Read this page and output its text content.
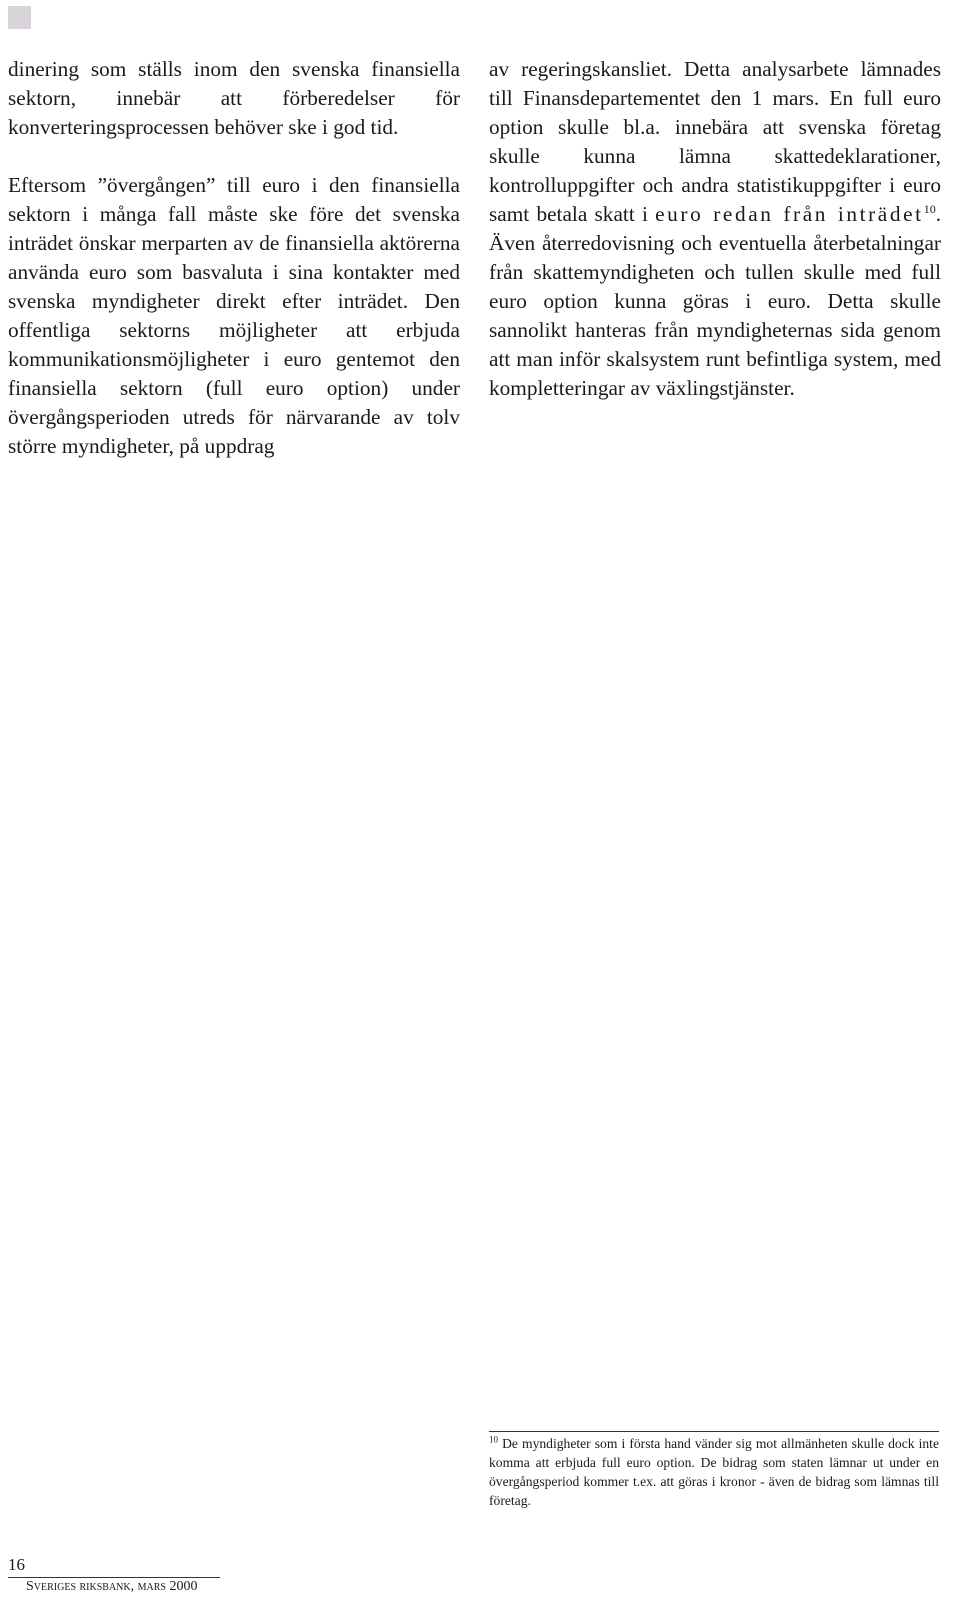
dinering som ställs inom den svenska finansiella sektorn, innebär att förberedelser för konverteringsprocessen behöver ske i god tid.

Eftersom ”övergången” till euro i den finansiella sektorn i många fall måste ske före det svenska inträdet önskar merparten av de finansiella aktörerna använda euro som basvaluta i sina kontakter med svenska myndigheter direkt efter inträdet. Den offentliga sektorns möjligheter att erbjuda kommunikationsmöjligheter i euro gentemot den finansiella sektorn (full euro option) under övergångsperioden utreds för närvarande av tolv större myndigheter, på uppdrag

av regeringskansliet. Detta analysarbete lämnades till Finansdepartementet den 1 mars. En full euro option skulle bl.a. innebära att svenska företag skulle kunna lämna skattedeklarationer, kontrolluppgifter och andra statistikuppgifter i euro samt betala skatt i euro redan från inträdet$^{10}$. Även återredovisning och eventuella återbetalningar från skattemyndigheten och tullen skulle med full euro option kunna göras i euro. Detta skulle sannolikt hanteras från myndigheternas sida genom att man inför skalsystem runt befintliga system, med kompletteringar av växlingstjänster.

$^{10}$ De myndigheter som i första hand vänder sig mot allmänheten skulle dock inte komma att erbjuda full euro option. De bidrag som staten lämnar ut under en övergångsperiod kommer t.ex. att göras i kronor - även de bidrag som lämnas till företag.
16
Sveriges riksbank, mars 2000
